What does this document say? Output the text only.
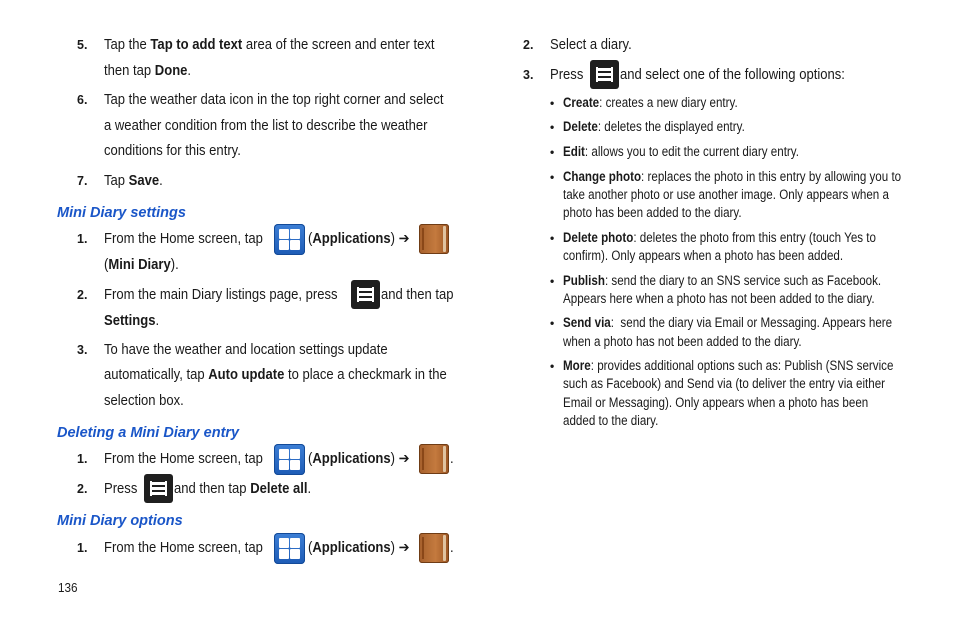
5. Tap the Tap to add text area of the screen and enter text
then tap Done.
6. Tap the weather data icon in the top right corner and select
a weather condition from the list to describe the weather
conditions for this entry.
7. Tap Save.
Mini Diary settings
1. From the Home screen, tap	(Applications) ➔
(Mini Diary).
2. From the main Diary listings page, press	and then tap
Settings.
3. To have the weather and location settings update
automatically, tap Auto update to place a checkmark in the
selection box.
Deleting a Mini Diary entry
1. From the Home screen, tap	(Applications) ➔	.
2. Press	and then tap Delete all.
Mini Diary options
1. From the Home screen, tap	(Applications) ➔	.
2. Select a diary.
3. Press	and select one of the following options:
• Create: creates a new diary entry.
• Delete: deletes the displayed entry.
• Edit: allows you to edit the current diary entry.
• Change photo: replaces the photo in this entry by allowing you to
take another photo or use another image. Only appears when a
photo has been added to the diary.
• Delete photo: deletes the photo from this entry (touch Yes to
confirm). Only appears when a photo has been added.
• Publish: send the diary to an SNS service such as Facebook.
Appears here when a photo has not been added to the diary.
• Send via:  send the diary via Email or Messaging. Appears here
when a photo has not been added to the diary.
• More: provides additional options such as: Publish (SNS service
such as Facebook) and Send via (to deliver the entry via either
Email or Messaging). Only appears when a photo has been
added to the diary.
136
